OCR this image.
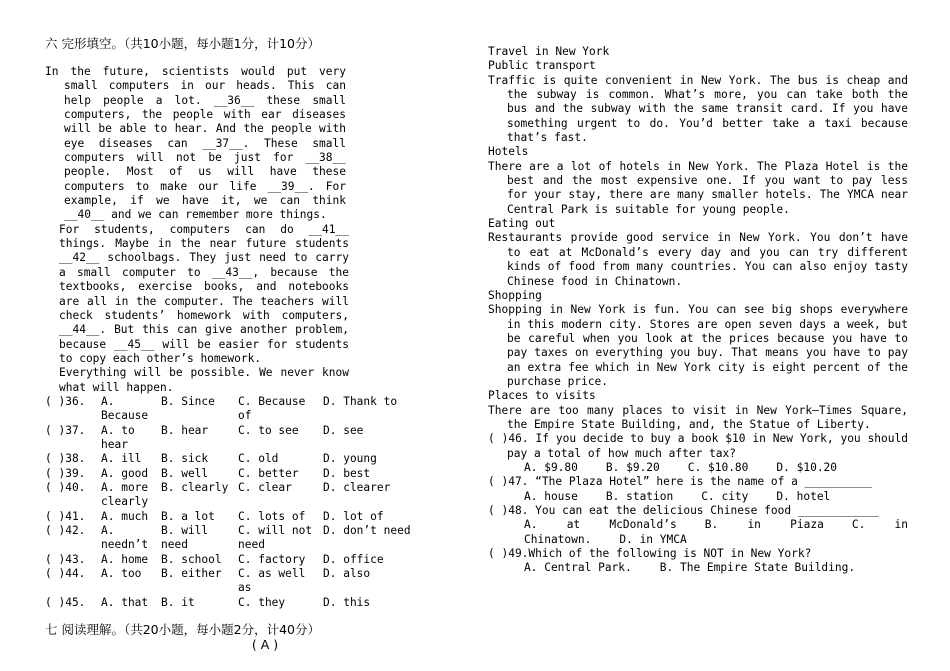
六 完形填空。（共10小题，每小题1分，计10分）
In the future, scientists would put very small computers in our heads. This can help people a lot. __36__ these small computers, the people with ear diseases will be able to hear. And the people with eye diseases can __37__. These small computers will not be just for __38__ people. Most of us will have these computers to make our life __39__. For example, if we have it, we can think __40__ and we can remember more things.
For students, computers can do __41__ things. Maybe in the near future students __42__ schoolbags. They just need to carry a small computer to __43__, because the textbooks, exercise books, and notebooks are all in the computer. The teachers will check students’ homework with computers, __44__. But this can give another problem, because __45__ will be easier for students to copy each other’s homework.
Everything will be possible. We never know what will happen.
( )36.	A. Because	B. Since	C. Because of	D. Thank to
( )37.	A. to hear	B. hear	C. to see	D. see
( )38.	A. ill	B. sick	C. old	D. young
( )39.	A. good	B. well	C. better	D. best
( )40.	A. more clearly	B. clearly	C. clear	D. clearer
( )41.	A. much	B. a lot	C. lots of	D. lot of
( )42.	A. needn’t	B. will need	C. will not need	D. don’t need
( )43.	A. home	B. school	C. factory	D. office
( )44.	A. too	B. either	C. as well as	D. also
( )45.	A. that	B. it	C. they	D. this
七 阅读理解。（共20小题，每小题2分，计40分）
( A )
Travel in New York
Public transport
Traffic is quite convenient in New York. The bus is cheap and the subway is common. What’s more, you can take both the bus and the subway with the same transit card. If you have something urgent to do. You’d better take a taxi because that’s fast.
Hotels
There are a lot of hotels in New York. The Plaza Hotel is the best and the most expensive one. If you want to pay less for your stay, there are many smaller hotels. The YMCA near Central Park is suitable for young people.
Eating out
Restaurants provide good service in New York. You don’t have to eat at McDonald’s every day and you can try different kinds of food from many countries. You can also enjoy tasty Chinese food in Chinatown.
Shopping
Shopping in New York is fun. You can see big shops everywhere in this modern city. Stores are open seven days a week, but be careful when you look at the prices because you have to pay taxes on everything you buy. That means you have to pay an extra fee which in New York city is eight percent of the purchase price.
Places to visits
There are too many places to visit in New York—Times Square, the Empire State Building, and, the Statue of Liberty.
( )46. If you decide to buy a book $10 in New York, you should pay a total of how much after tax?
A. $9.80	B. $9.20	C. $10.80	D. $10.20
( )47. “The Plaza Hotel” here is the name of a __________
A. house	B. station	C. city	D. hotel
( )48. You can eat the delicious Chinese food ____________
A. at McDonald’s	B. in Piaza	C. in Chinatown.	D. in YMCA
( )49.Which of the following is NOT in New York?
A. Central Park.	B. The Empire State Building.
